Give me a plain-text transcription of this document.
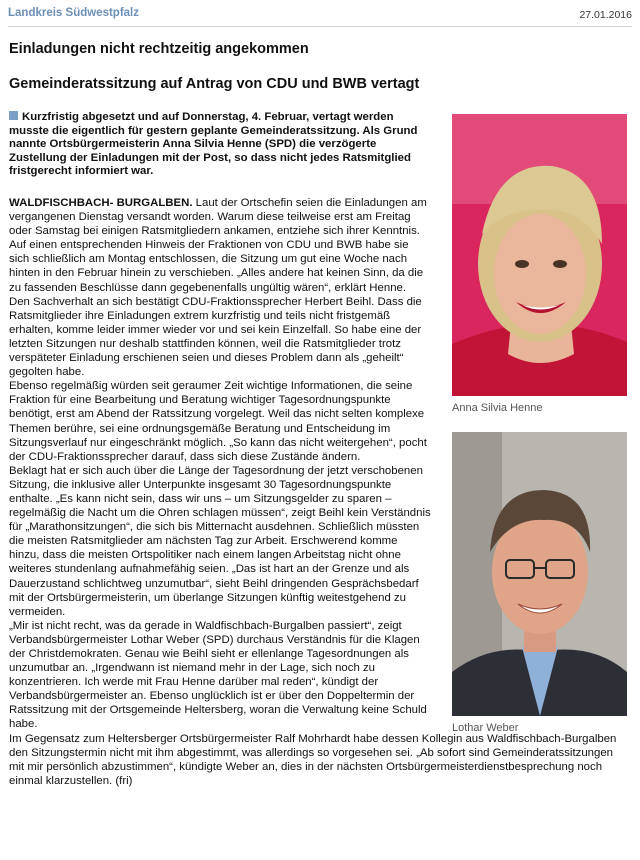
Landkreis Südwestpfalz	27.01.2016
Einladungen nicht rechtzeitig angekommen
Gemeinderatssitzung auf Antrag von CDU und BWB vertagt

Kurzfristig abgesetzt und auf Donnerstag, 4. Februar, vertagt werden musste die eigentlich für gestern geplante Gemeinderatssitzung. Als Grund nannte Ortsbürgermeisterin Anna Silvia Henne (SPD) die verzögerte Zustellung der Einladungen mit der Post, so dass nicht jedes Ratsmitglied fristgerecht informiert war.

WALDFISCHBACH- BURGALBEN. Laut der Ortschefin seien die Einladungen am vergangenen Dienstag versandt worden. Warum diese teilweise erst am Freitag oder Samstag bei einigen Ratsmitgliedern ankamen, entziehe sich ihrer Kenntnis. Auf einen entsprechenden Hinweis der Fraktionen von CDU und BWB habe sie sich schließlich am Montag entschlossen, die Sitzung um gut eine Woche nach hinten in den Februar hinein zu verschieben. „Alles andere hat keinen Sinn, da die zu fassenden Beschlüsse dann gegebenenfalls ungültig wären“, erklärt Henne.

Den Sachverhalt an sich bestätigt CDU-Fraktionssprecher Herbert Beihl. Dass die Ratsmitglieder ihre Einladungen extrem kurzfristig und teils nicht fristgemäß erhalten, komme leider immer wieder vor und sei kein Einzelfall. So habe eine der letzten Sitzungen nur deshalb stattfinden können, weil die Ratsmitglieder trotz verspäteter Einladung erschienen seien und dieses Problem dann als „geheilt“ gegolten habe.

Ebenso regelmäßig würden seit geraumer Zeit wichtige Informationen, die seine Fraktion für eine Bearbeitung und Beratung wichtiger Tagesordnungspunkte benötigt, erst am Abend der Ratssitzung vorgelegt. Weil das nicht selten komplexe Themen berühre, sei eine ordnungsgemäße Beratung und Entscheidung im Sitzungsverlauf nur eingeschränkt möglich. „So kann das nicht weitergehen“, pocht der CDU-Fraktionssprecher darauf, dass sich diese Zustände ändern.

Beklagt hat er sich auch über die Länge der Tagesordnung der jetzt verschobenen Sitzung, die inklusive aller Unterpunkte insgesamt 30 Tagesordnungspunkte enthalte. „Es kann nicht sein, dass wir uns – um Sitzungsgelder zu sparen – regelmäßig die Nacht um die Ohren schlagen müssen“, zeigt Beihl kein Verständnis für „Marathonsitzungen“, die sich bis Mitternacht ausdehnen. Schließlich müssten die meisten Ratsmitglieder am nächsten Tag zur Arbeit. Erschwerend komme hinzu, dass die meisten Ortspolitiker nach einem langen Arbeitstag nicht ohne weiteres stundenlang aufnahmefähig seien. „Das ist hart an der Grenze und als Dauerzustand schlichtweg unzumutbar“, sieht Beihl dringenden Gesprächsbedarf mit der Ortsbürgermeisterin, um überlange Sitzungen künftig weitestgehend zu vermeiden.

„Mir ist nicht recht, was da gerade in Waldfischbach-Burgalben passiert“, zeigt Verbandsbürgermeister Lothar Weber (SPD) durchaus Verständnis für die Klagen der Christdemokraten. Genau wie Beihl sieht er ellenlange Tagesordnungen als unzumutbar an. „Irgendwann ist niemand mehr in der Lage, sich noch zu konzentrieren. Ich werde mit Frau Henne darüber mal reden“, kündigt der Verbandsbürgermeister an. Ebenso unglücklich ist er über den Doppeltermin der Ratssitzung mit der Ortsgemeinde Heltersberg, woran die Verwaltung keine Schuld habe.

Im Gegensatz zum Heltersberger Ortsbürgermeister Ralf Mohrhardt habe dessen Kollegin aus Waldfischbach-Burgalben den Sitzungstermin nicht mit ihm abgestimmt, was allerdings so vorgesehen sei. „Ab sofort sind Gemeinderatssitzungen mit mir persönlich abzustimmen“, kündigte Weber an, dies in der nächsten Ortsbürgermeisterdienstbesprechung noch einmal klarzustellen. (fri)

Anna Silvia Henne
Lothar Weber
